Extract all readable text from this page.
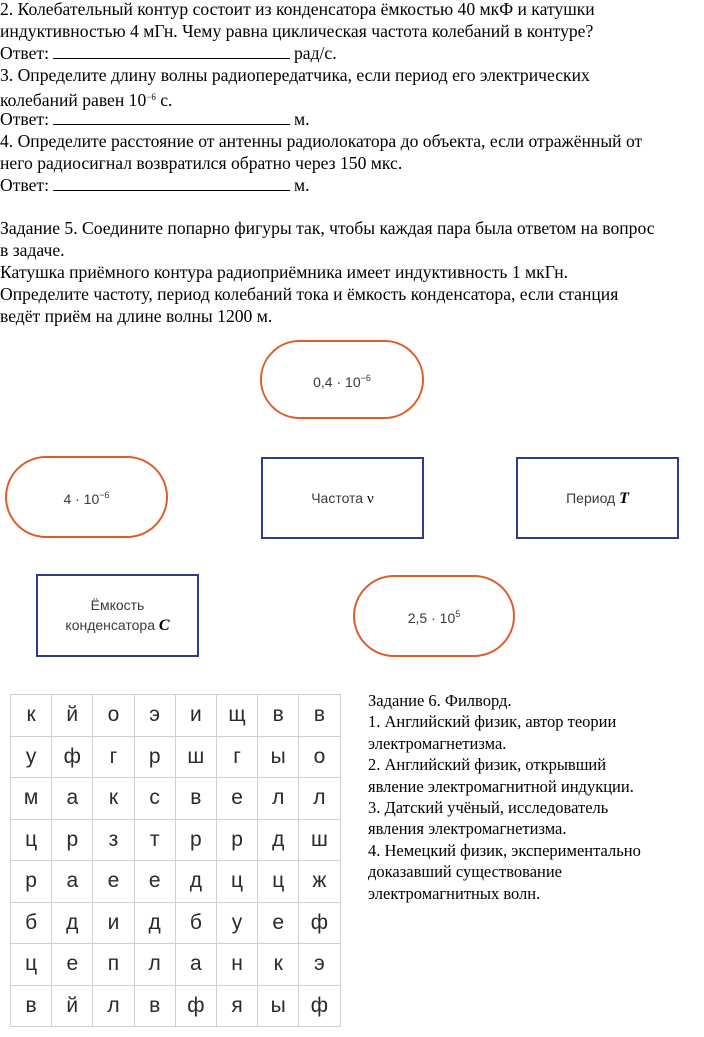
2. Колебательный контур состоит из конденсатора ёмкостью 40 мкФ и катушки
индуктивностью 4 мГн. Чему равна циклическая частота колебаний в контуре?
Ответ:	рад/с.
3. Определите длину волны радиопередатчика, если период его электрических
колебаний равен $10^{-6}$ с.
Ответ:	м.
4. Определите расстояние от антенны радиолокатора до объекта, если отражённый от
него радиосигнал возвратился обратно через 150 мкс.
Ответ:	м.
Задание 5. Соедините попарно фигуры так, чтобы каждая пара была ответом на вопрос
в задаче.
Катушка приёмного контура радиоприёмника имеет индуктивность 1 мкГн.
Определите частоту, период колебаний тока и ёмкость конденсатора, если станция
ведёт приём на длине волны 1200 м.
$0,4 \cdot 10^{-6}$
$4 \cdot 10^{-6}$	Частота ν	Период T
Ёмкость
конденсатора C	$2,5 \cdot 10^5$
к	й	о	э	и	щ	в	в
у	ф	г	р	ш	г	ы	о
м	а	к	с	в	е	л	л
ц	р	з	т	р	р	д	ш
р	а	е	е	д	ц	ц	ж
б	д	и	д	б	у	е	ф
ц	е	п	л	а	н	к	э
в	й	л	в	ф	я	ы	ф
Задание 6. Филворд.
1. Английский физик, автор теории
электромагнетизма.
2. Английский физик, открывший
явление электромагнитной индукции.
3. Датский учёный, исследователь
явления электромагнетизма.
4. Немецкий физик, экспериментально
доказавший существование
электромагнитных волн.
